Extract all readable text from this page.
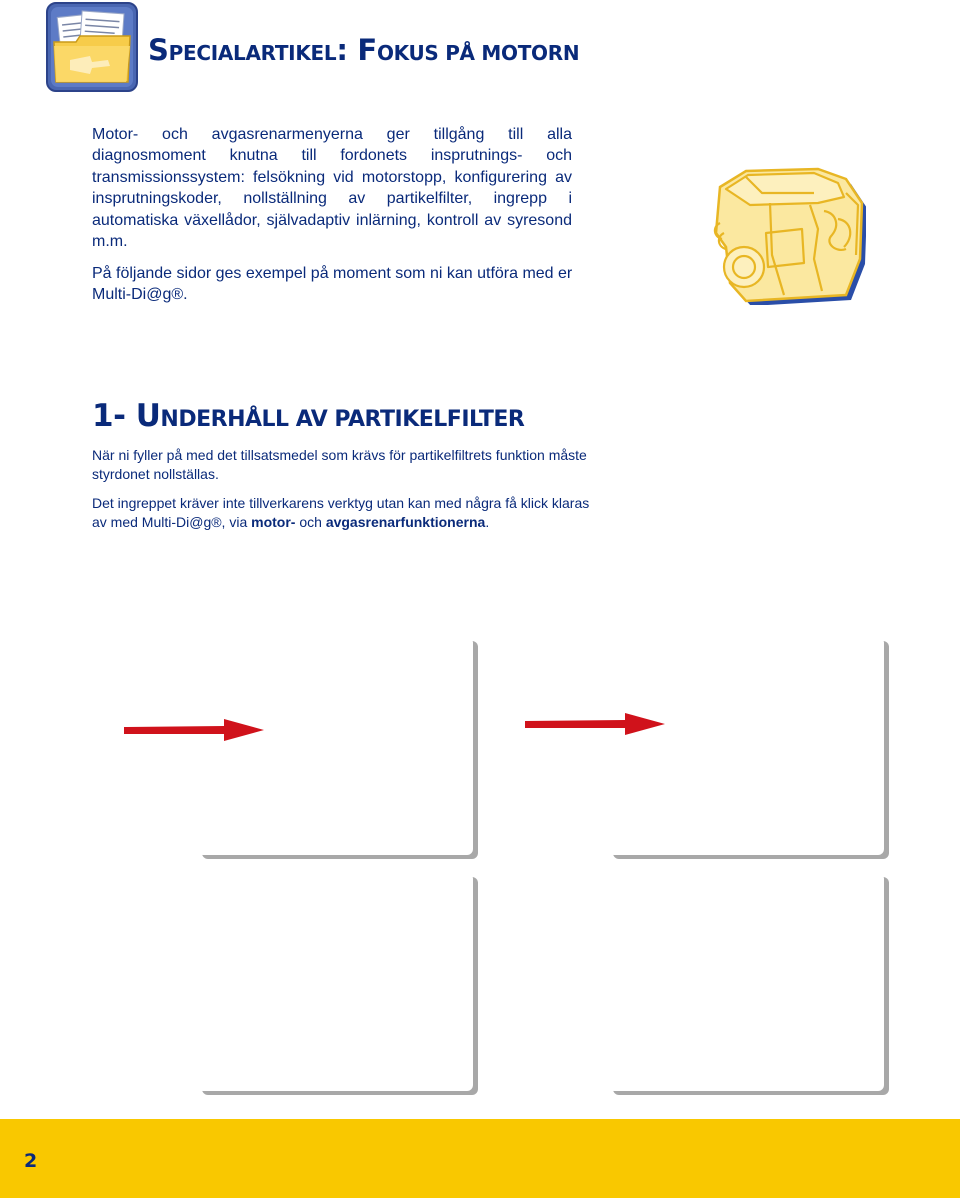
SPECIALARTIKEL: FOKUS PÅ MOTORN

Motor- och avgasrenarmenyerna ger tillgång till alla diagnosmoment knutna till fordonets insprutnings- och transmissionssystem: felsökning vid motorstopp, konfigurering av insprutningskoder, nollställning av partikelfilter, ingrepp i automatiska växellådor, självadaptiv inlärning, kontroll av syresond m.m.

På följande sidor ges exempel på moment som ni kan utföra med er Multi-Di@g®.

1- UNDERHÅLL AV PARTIKELFILTER

När ni fyller på med det tillsatsmedel som krävs för partikelfiltrets funktion måste styrdonet nollställas.

Det ingreppet kräver inte tillverkarens verktyg utan kan med några få klick klaras av med Multi-Di@g®, via motor- och avgasrenarfunktionerna.

2
